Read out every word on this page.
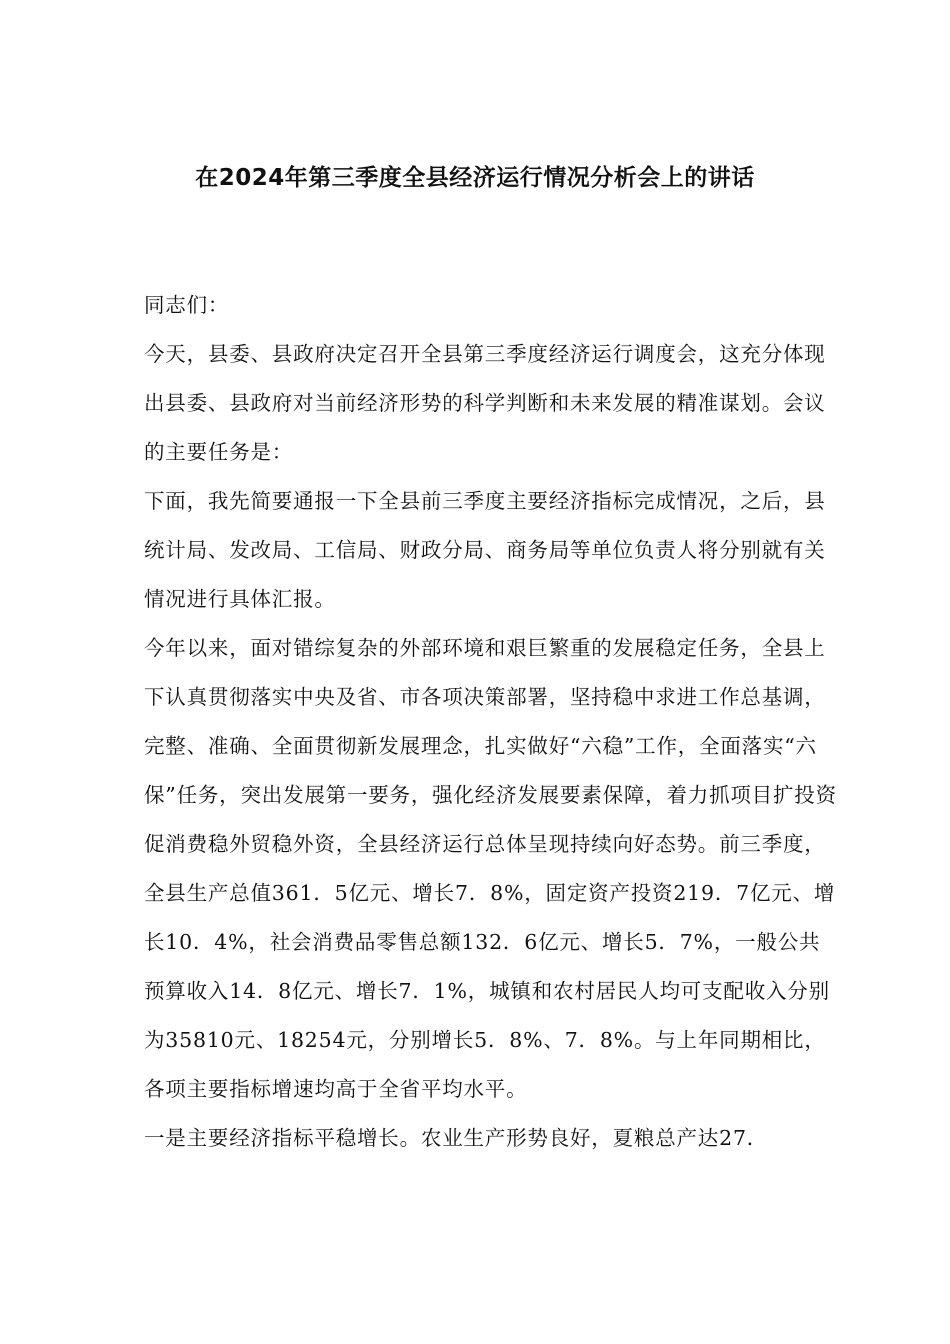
在2024年第三季度全县经济运行情况分析会上的讲话

同志们：

今天，县委、县政府决定召开全县第三季度经济运行调度会，这充分体现出县委、县政府对当前经济形势的科学判断和未来发展的精准谋划。会议的主要任务是：

下面，我先简要通报一下全县前三季度主要经济指标完成情况，之后，县统计局、发改局、工信局、财政分局、商务局等单位负责人将分别就有关情况进行具体汇报。

今年以来，面对错综复杂的外部环境和艰巨繁重的发展稳定任务，全县上下认真贯彻落实中央及省、市各项决策部署，坚持稳中求进工作总基调，完整、准确、全面贯彻新发展理念，扎实做好“六稳”工作，全面落实“六保”任务，突出发展第一要务，强化经济发展要素保障，着力抓项目扩投资促消费稳外贸稳外资，全县经济运行总体呈现持续向好态势。前三季度，全县生产总值361．5亿元、增长7．8%，固定资产投资219．7亿元、增长10．4%，社会消费品零售总额132．6亿元、增长5．7%，一般公共预算收入14．8亿元、增长7．1%，城镇和农村居民人均可支配收入分别为35810元、18254元，分别增长5．8%、7．8%。与上年同期相比，各项主要指标增速均高于全省平均水平。

一是主要经济指标平稳增长。农业生产形势良好，夏粮总产达27．
